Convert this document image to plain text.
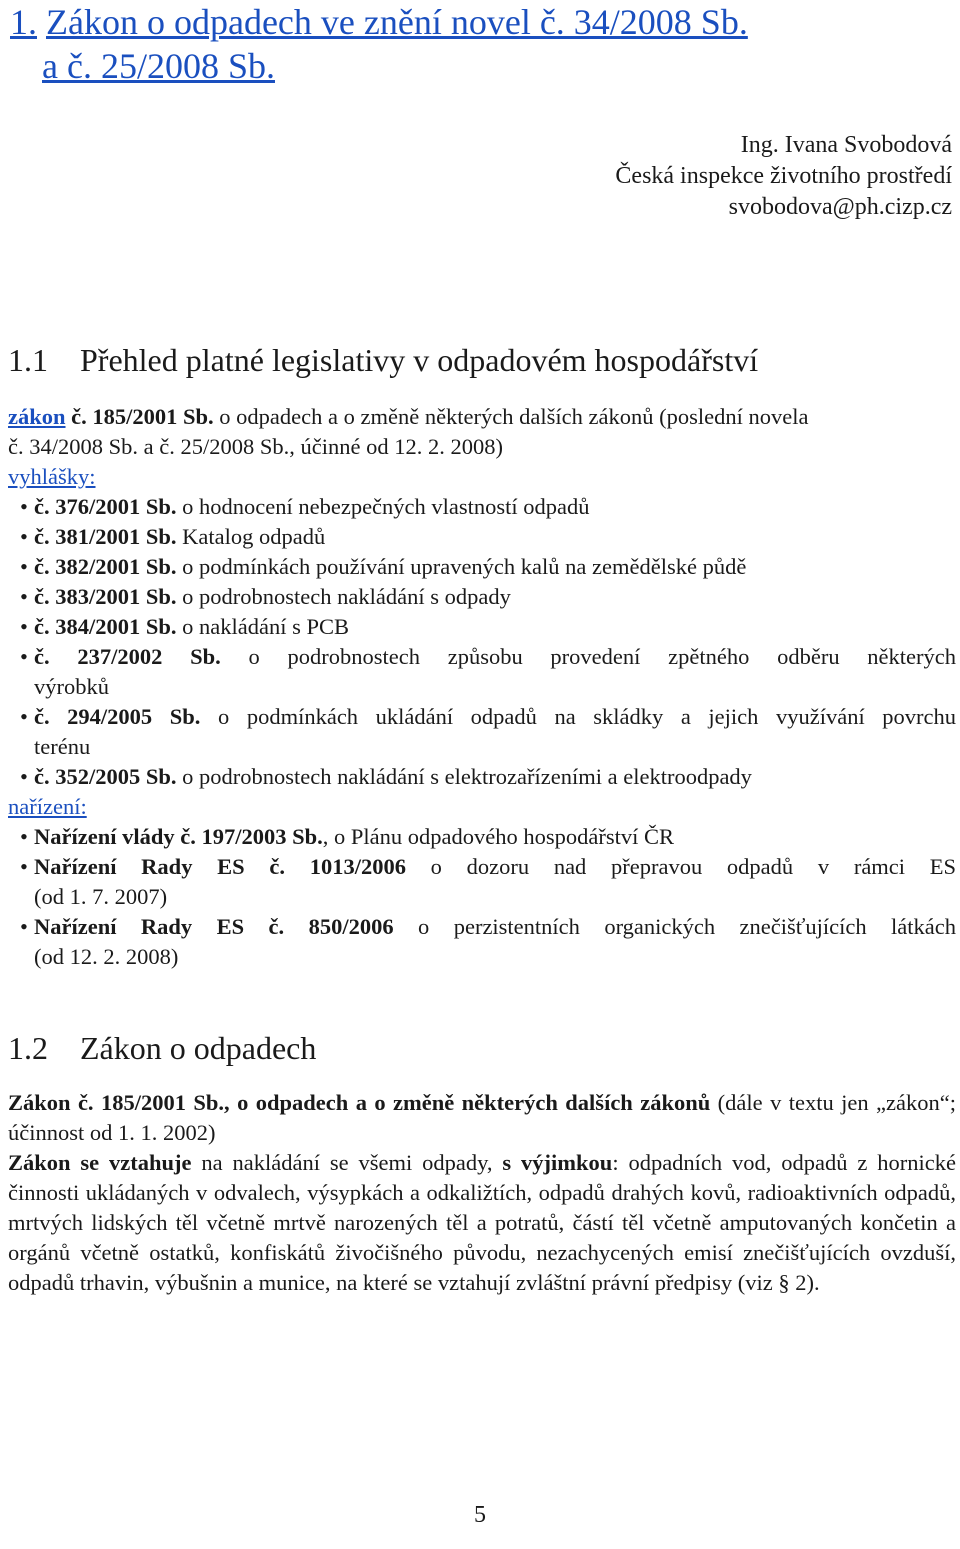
1. Zákon o odpadech ve znění novel č. 34/2008 Sb.
a č. 25/2008 Sb.
Ing. Ivana Svobodová
Česká inspekce životního prostředí
svobodova@ph.cizp.cz
1.1 Přehled platné legislativy v odpadovém hospodářství
zákon č. 185/2001 Sb. o odpadech a o změně některých dalších zákonů (poslední novela
č. 34/2008 Sb. a č. 25/2008 Sb., účinné od 12. 2. 2008)
vyhlášky:
• č. 376/2001 Sb. o hodnocení nebezpečných vlastností odpadů
• č. 381/2001 Sb. Katalog odpadů
• č. 382/2001 Sb. o podmínkách používání upravených kalů na zemědělské půdě
• č. 383/2001 Sb. o podrobnostech nakládání s odpady
• č. 384/2001 Sb. o nakládání s PCB
• č. 237/2002 Sb. o podrobnostech způsobu provedení zpětného odběru některých
výrobků
• č. 294/2005 Sb. o podmínkách ukládání odpadů na skládky a jejich využívání povrchu
terénu
• č. 352/2005 Sb. o podrobnostech nakládání s elektrozařízeními a elektroodpady
nařízení:
• Nařízení vlády č. 197/2003 Sb., o Plánu odpadového hospodářství ČR
• Nařízení Rady ES č. 1013/2006 o dozoru nad přepravou odpadů v rámci ES
(od 1. 7. 2007)
• Nařízení Rady ES č. 850/2006 o perzistentních organických znečišťujících látkách
(od 12. 2. 2008)
1.2 Zákon o odpadech
Zákon č. 185/2001 Sb., o odpadech a o změně některých dalších zákonů (dále v textu jen „zákon“; účinnost od 1. 1. 2002)
Zákon se vztahuje na nakládání se všemi odpady, s výjimkou: odpadních vod, odpadů z hornické činnosti ukládaných v odvalech, výsypkách a odkaližtích, odpadů drahých kovů, radioaktivních odpadů, mrtvých lidských těl včetně mrtvě narozených těl a potratů, částí těl včetně amputovaných končetin a orgánů včetně ostatků, konfiskátů živočišného původu, nezachycených emisí znečišťujících ovzduší, odpadů trhavin, výbušnin a munice, na které se vztahují zvláštní právní předpisy (viz § 2).
5
